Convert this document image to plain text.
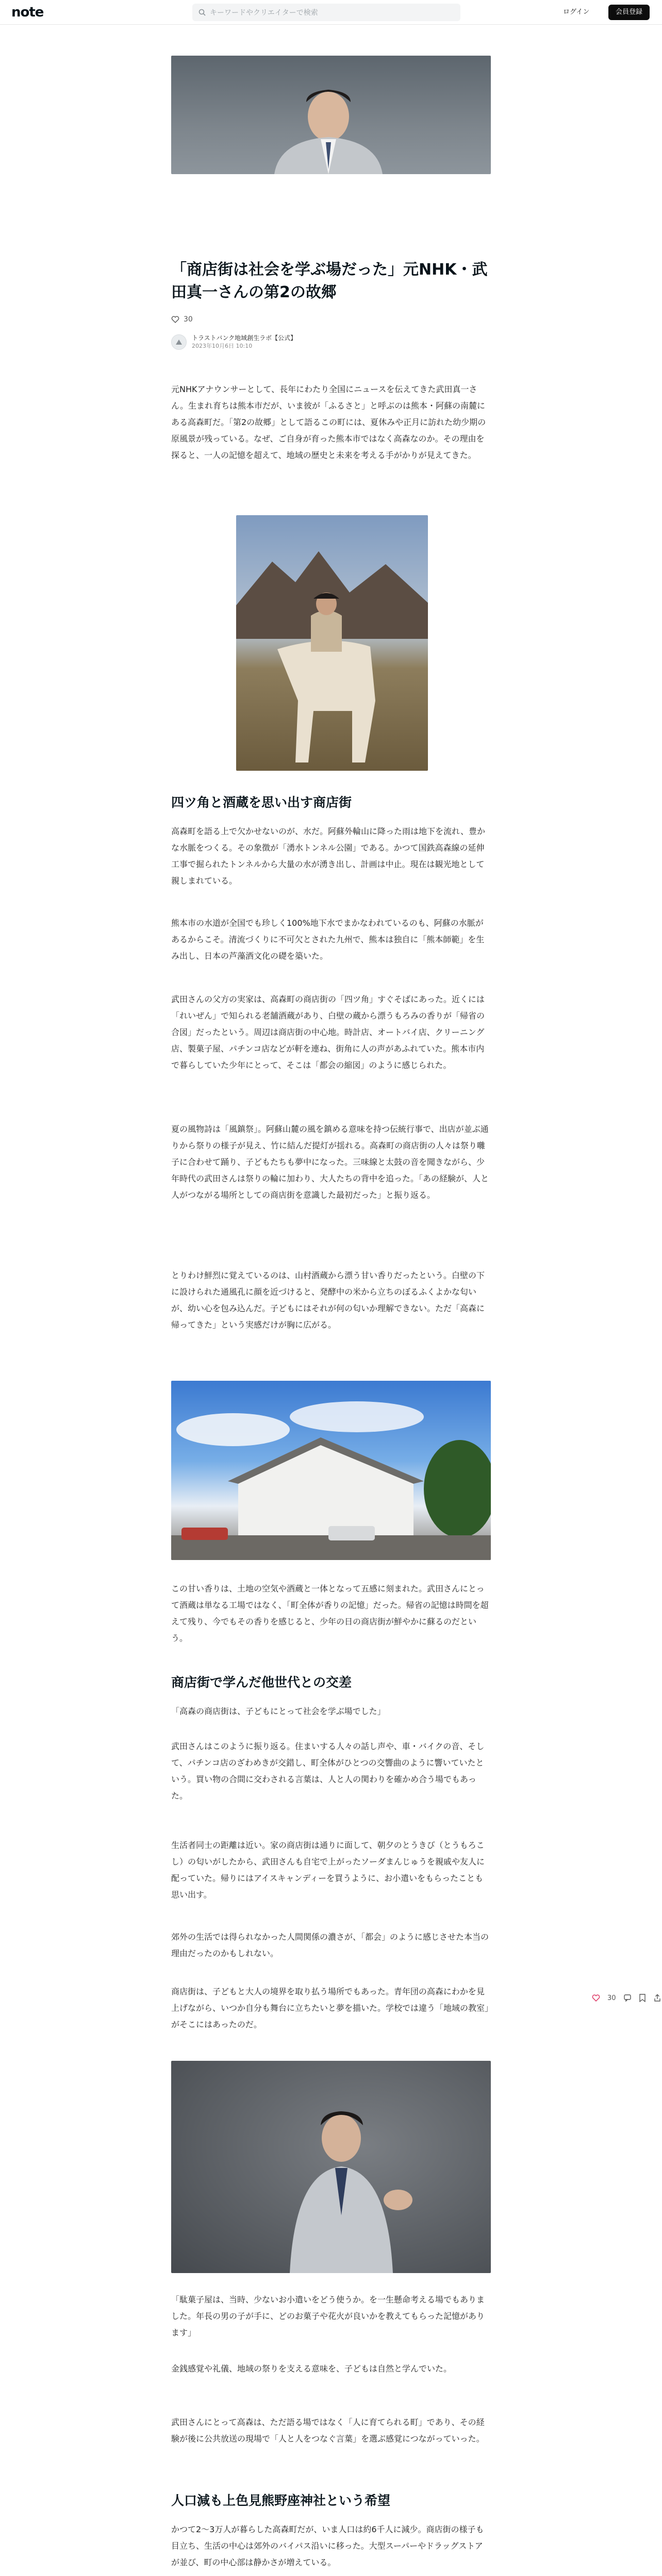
note	キーワードやクリエイターで検索	ログイン	会員登録
「商店街は社会を学ぶ場だった」元NHK・武田真一さんの第2の故郷
30
トラストバンク地域創生ラボ【公式】
2023年10月6日 10:10
元NHKアナウンサーとして、長年にわたり全国にニュースを伝えてきた武田真一さん。生まれ育ちは熊本市だが、いま彼が「ふるさと」と呼ぶのは熊本・阿蘇の南麓にある高森町だ。「第2の故郷」として語るこの町には、夏休みや正月に訪れた幼少期の原風景が残っている。なぜ、ご自身が育った熊本市ではなく高森なのか。その理由を探ると、一人の記憶を超えて、地域の歴史と未来を考える手がかりが見えてきた。
四ツ角と酒蔵を思い出す商店街
高森町を語る上で欠かせないのが、水だ。阿蘇外輪山に降った雨は地下を流れ、豊かな水脈をつくる。その象徴が「湧水トンネル公園」である。かつて国鉄高森線の延伸工事で掘られたトンネルから大量の水が湧き出し、計画は中止。現在は観光地として親しまれている。
熊本市の水道が全国でも珍しく100%地下水でまかなわれているのも、阿蘇の水脈があるからこそ。清流づくりに不可欠とされた九州で、熊本は独自に「熊本師範」を生み出し、日本の芦藻酒文化の礎を築いた。
武田さんの父方の実家は、高森町の商店街の「四ツ角」すぐそばにあった。近くには「れいぜん」で知られる老舗酒蔵があり、白壁の蔵から漂うもろみの香りが「帰省の合図」だったという。周辺は商店街の中心地。時計店、オートバイ店、クリーニング店、製菓子屋、パチンコ店などが軒を連ね、街角に人の声があふれていた。熊本市内で暮らしていた少年にとって、そこは「都会の縮図」のように感じられた。
夏の風物詩は「風鎮祭」。阿蘇山麓の風を鎮める意味を持つ伝統行事で、出店が並ぶ通りから祭りの様子が見え、竹に結んだ提灯が揺れる。高森町の商店街の人々は祭り囃子に合わせて踊り、子どもたちも夢中になった。三味線と太鼓の音を聞きながら、少年時代の武田さんは祭りの輪に加わり、大人たちの背中を追った。「あの経験が、人と人がつながる場所としての商店街を意識した最初だった」と振り返る。
とりわけ鮮烈に覚えているのは、山村酒蔵から漂う甘い香りだったという。白壁の下に設けられた通風孔に顔を近づけると、発酵中の米から立ちのぼるふくよかな匂いが、幼い心を包み込んだ。子どもにはそれが何の匂いか理解できない。ただ「高森に帰ってきた」という実感だけが胸に広がる。
この甘い香りは、土地の空気や酒蔵と一体となって五感に刻まれた。武田さんにとって酒蔵は単なる工場ではなく、「町全体が香りの記憶」だった。帰省の記憶は時間を超えて残り、今でもその香りを感じると、少年の日の商店街が鮮やかに蘇るのだという。
商店街で学んだ他世代との交差
「高森の商店街は、子どもにとって社会を学ぶ場でした」
武田さんはこのように振り返る。住まいする人々の話し声や、車・バイクの音、そして、パチンコ店のざわめきが交錯し、町全体がひとつの交響曲のように響いていたという。買い物の合間に交わされる言葉は、人と人の関わりを確かめ合う場でもあった。
生活者同士の距離は近い。家の商店街は通りに面して、朝夕のとうきび（とうもろこし）の匂いがしたから、武田さんも自宅で上がったソーダまんじゅうを親戚や友人に配っていた。帰りにはアイスキャンディーを買うように、お小遣いをもらったことも思い出す。
郊外の生活では得られなかった人間関係の濃さが、「都会」のように感じさせた本当の理由だったのかもしれない。
商店街は、子どもと大人の境界を取り払う場所でもあった。青年団の高森にわかを見上げながら、いつか自分も舞台に立ちたいと夢を描いた。学校では違う「地域の教室」がそこにはあったのだ。
30
「駄菓子屋は、当時、少ないお小遣いをどう使うか。を一生懸命考える場でもありました。年長の男の子が手に、どのお菓子や花火が良いかを教えてもらった記憶があります」
金銭感覚や礼儀、地域の祭りを支える意味を、子どもは自然と学んでいた。
武田さんにとって高森は、ただ語る場ではなく「人に育てられる町」であり、その経験が後に公共放送の現場で「人と人をつなぐ言葉」を選ぶ感覚につながっていった。
人口減も上色見熊野座神社という希望
かつて2〜3万人が暮らした高森町だが、いま人口は約6千人に減少。商店街の様子も目立ち、生活の中心は郊外のバイパス沿いに移った。大型スーパーやドラッグストアが並び、町の中心部は静かさが増えている。
